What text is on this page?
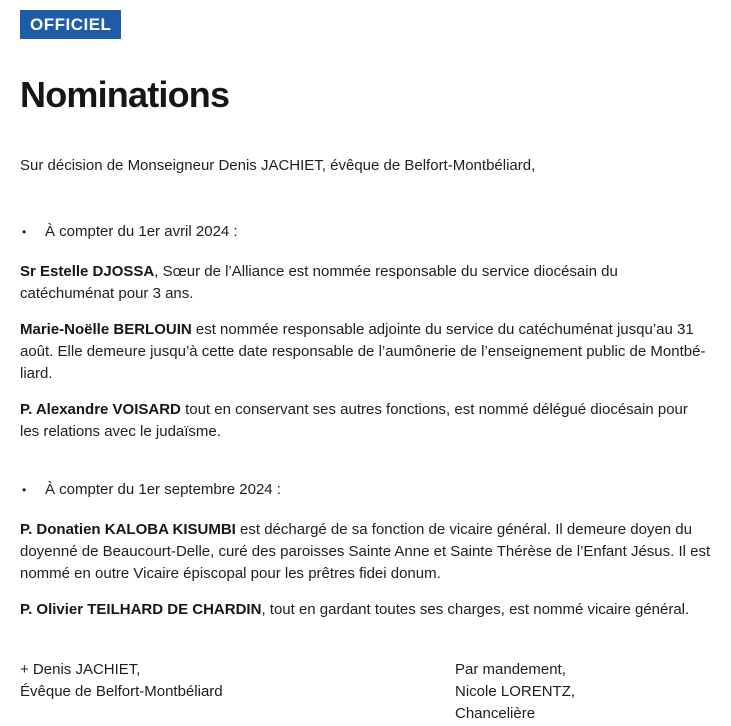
OFFICIEL
Nominations

Sur décision de Monseigneur Denis JACHIET, évêque de Belfort-Montbéliard,

•	À compter du 1er avril 2024 :

Sr Estelle DJOSSA, Sœur de l’Alliance est nommée responsable du service diocésain du catéchuménat pour 3 ans.

Marie-Noëlle BERLOUIN est nommée responsable adjointe du service du catéchuménat jusqu’au 31 août. Elle demeure jusqu’à cette date responsable de l’aumônerie de l’enseignement public de Montbéliard.

P. Alexandre VOISARD tout en conservant ses autres fonctions, est nommé délégué diocésain pour les relations avec le judaïsme.

•	À compter du 1er septembre 2024 :

P. Donatien KALOBA KISUMBI est déchargé de sa fonction de vicaire général. Il demeure doyen du doyenné de Beaucourt-Delle, curé des paroisses Sainte Anne et Sainte Thérèse de l’Enfant Jésus. Il est nommé en outre Vicaire épiscopal pour les prêtres fidei donum.

P. Olivier TEILHARD DE CHARDIN, tout en gardant toutes ses charges, est nommé vicaire général.

+ Denis JACHIET,
Évêque de Belfort-Montbéliard
Par mandement,
Nicole LORENTZ,
Chancelière
